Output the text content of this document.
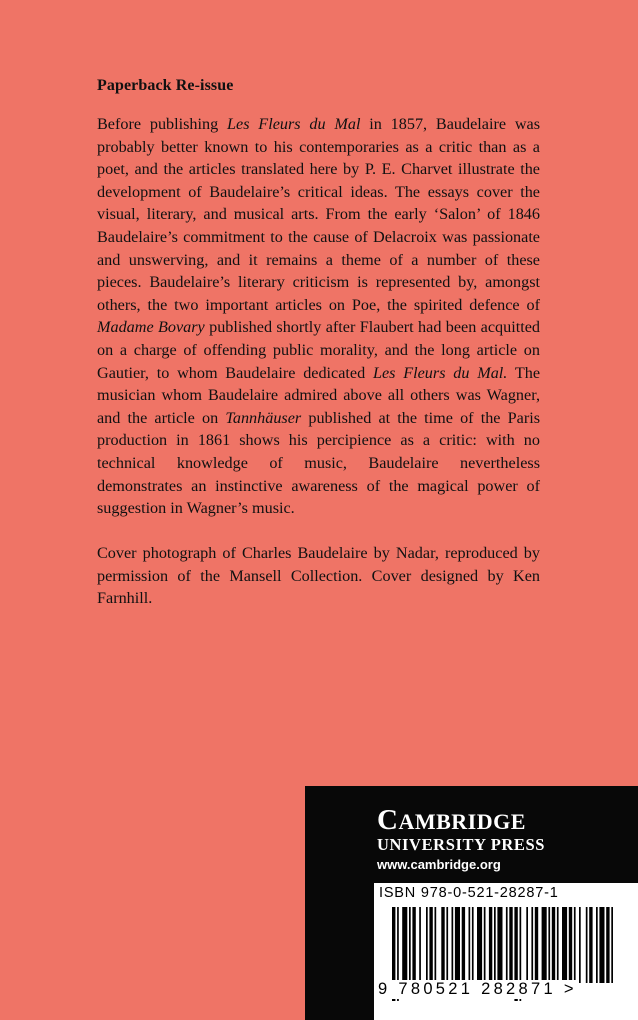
Paperback Re-issue

Before publishing Les Fleurs du Mal in 1857, Baudelaire was probably better known to his contemporaries as a critic than as a poet, and the articles translated here by P. E. Charvet illustrate the development of Baudelaire’s critical ideas. The essays cover the visual, literary, and musical arts. From the early ‘Salon’ of 1846 Baudelaire’s commitment to the cause of Delacroix was passionate and unswerving, and it remains a theme of a number of these pieces. Baudelaire’s literary criticism is represented by, amongst others, the two important articles on Poe, the spirited defence of Madame Bovary published shortly after Flaubert had been acquitted on a charge of offending public morality, and the long article on Gautier, to whom Baudelaire dedicated Les Fleurs du Mal. The musician whom Baudelaire admired above all others was Wagner, and the article on Tannhäuser published at the time of the Paris production in 1861 shows his percipience as a critic: with no technical knowledge of music, Baudelaire nevertheless demonstrates an instinctive awareness of the magical power of suggestion in Wagner’s music.

Cover photograph of Charles Baudelaire by Nadar, reproduced by permission of the Mansell Collection. Cover designed by Ken Farnhill.

CAMBRIDGE
UNIVERSITY PRESS
www.cambridge.org
ISBN 978-0-521-28287-1
9 780521 282871 >
